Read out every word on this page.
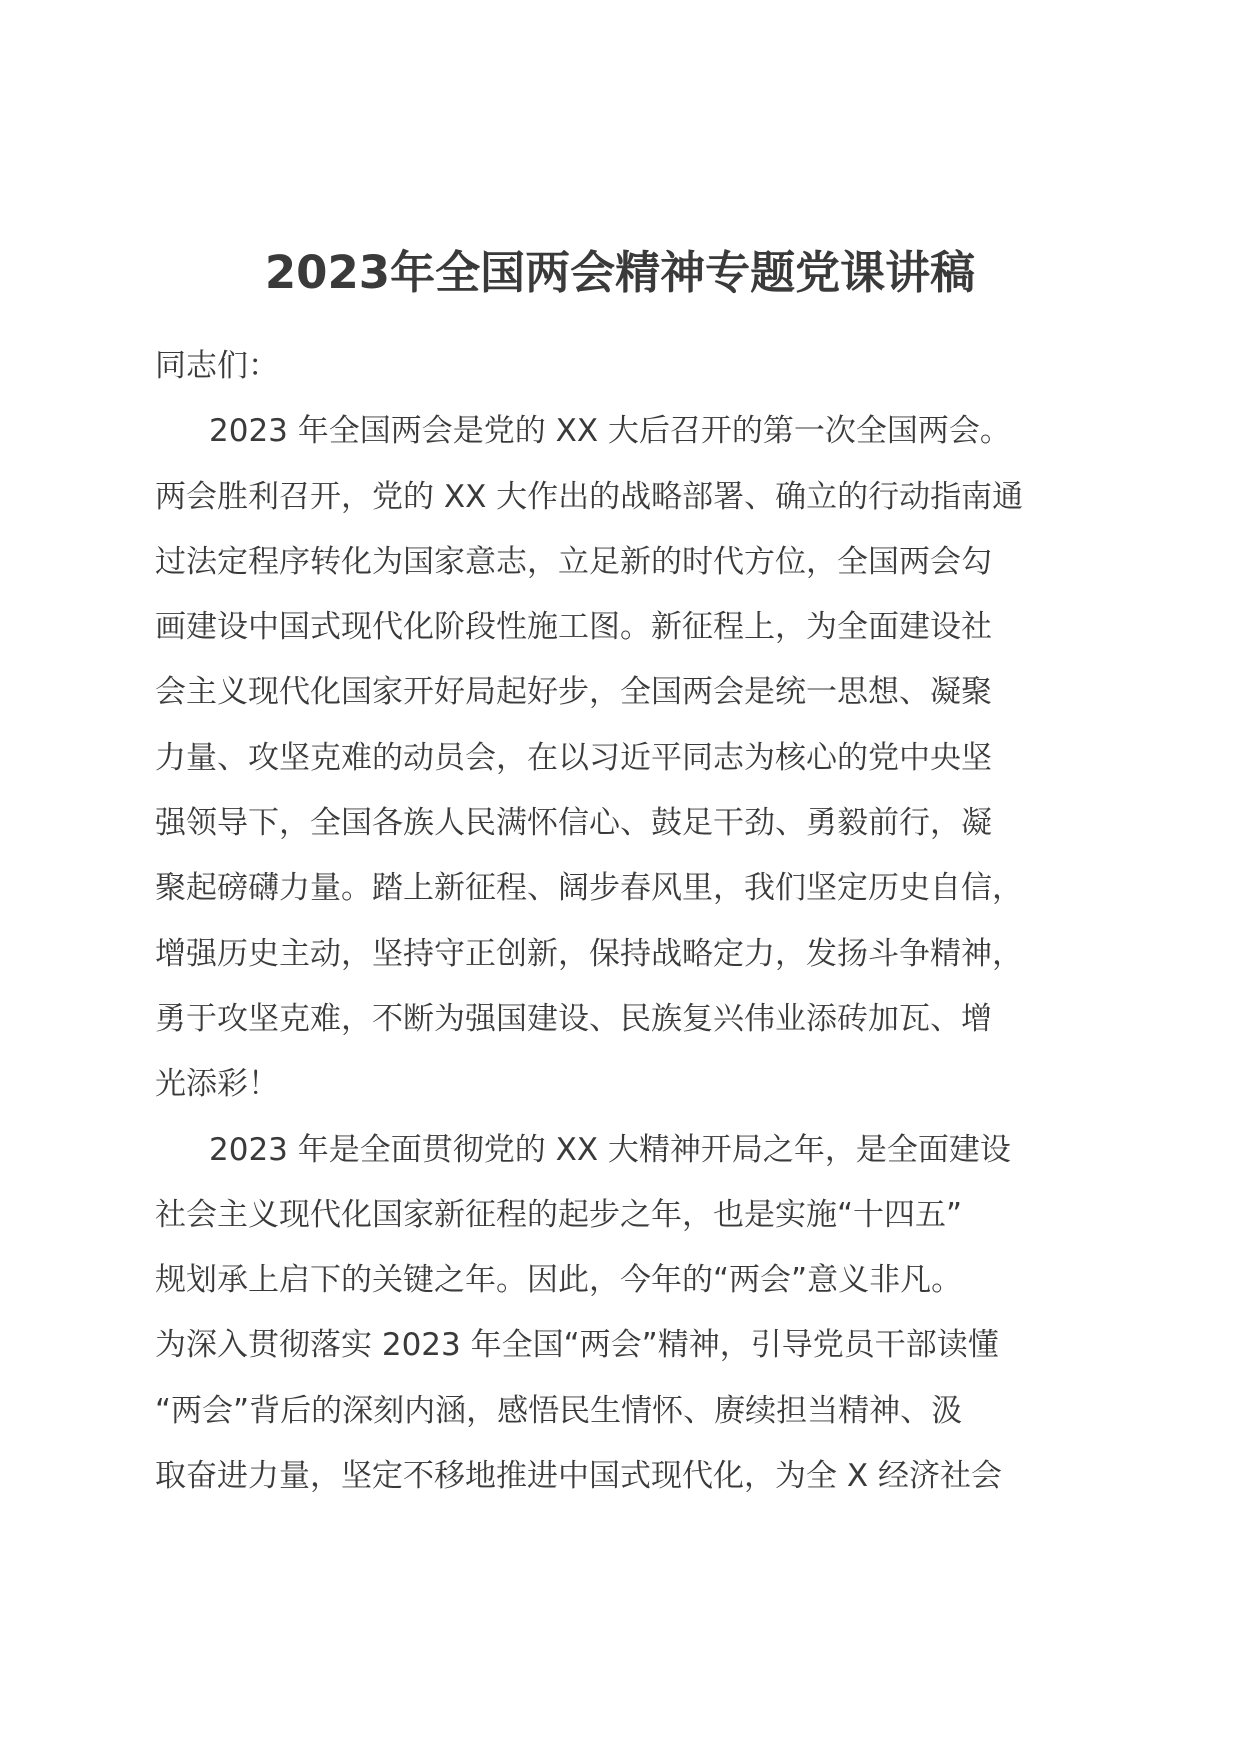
2023年全国两会精神专题党课讲稿
同志们：
2023 年全国两会是党的 XX 大后召开的第一次全国两会。
两会胜利召开，党的 XX 大作出的战略部署、确立的行动指南通
过法定程序转化为国家意志，立足新的时代方位，全国两会勾
画建设中国式现代化阶段性施工图。新征程上，为全面建设社
会主义现代化国家开好局起好步，全国两会是统一思想、凝聚
力量、攻坚克难的动员会，在以习近平同志为核心的党中央坚
强领导下，全国各族人民满怀信心、鼓足干劲、勇毅前行，凝
聚起磅礴力量。踏上新征程、阔步春风里，我们坚定历史自信，
增强历史主动，坚持守正创新，保持战略定力，发扬斗争精神，
勇于攻坚克难，不断为强国建设、民族复兴伟业添砖加瓦、增
光添彩！
2023 年是全面贯彻党的 XX 大精神开局之年，是全面建设
社会主义现代化国家新征程的起步之年，也是实施“十四五”
规划承上启下的关键之年。因此，今年的“两会”意义非凡。
为深入贯彻落实 2023 年全国“两会”精神，引导党员干部读懂
“两会”背后的深刻内涵，感悟民生情怀、赓续担当精神、汲
取奋进力量，坚定不移地推进中国式现代化，为全 X 经济社会
